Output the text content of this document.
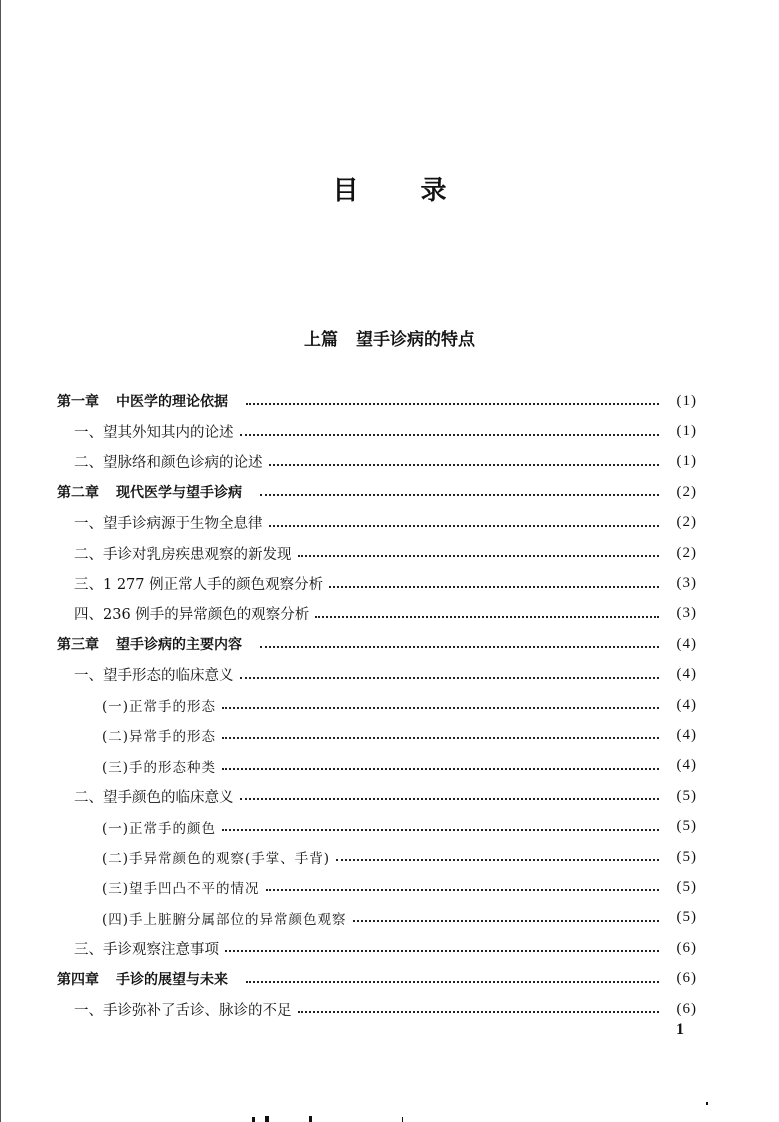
目 录
上篇 望手诊病的特点
第一章 中医学的理论依据	(1)
一、望其外知其内的论述	(1)
二、望脉络和颜色诊病的论述	(1)
第二章 现代医学与望手诊病	(2)
一、望手诊病源于生物全息律	(2)
二、手诊对乳房疾患观察的新发现	(2)
三、1 277 例正常人手的颜色观察分析	(3)
四、236 例手的异常颜色的观察分析	(3)
第三章 望手诊病的主要内容	(4)
一、望手形态的临床意义	(4)
(一)正常手的形态	(4)
(二)异常手的形态	(4)
(三)手的形态种类	(4)
二、望手颜色的临床意义	(5)
(一)正常手的颜色	(5)
(二)手异常颜色的观察(手掌、手背)	(5)
(三)望手凹凸不平的情况	(5)
(四)手上脏腑分属部位的异常颜色观察	(5)
三、手诊观察注意事项	(6)
第四章 手诊的展望与未来	(6)
一、手诊弥补了舌诊、脉诊的不足	(6)
1
